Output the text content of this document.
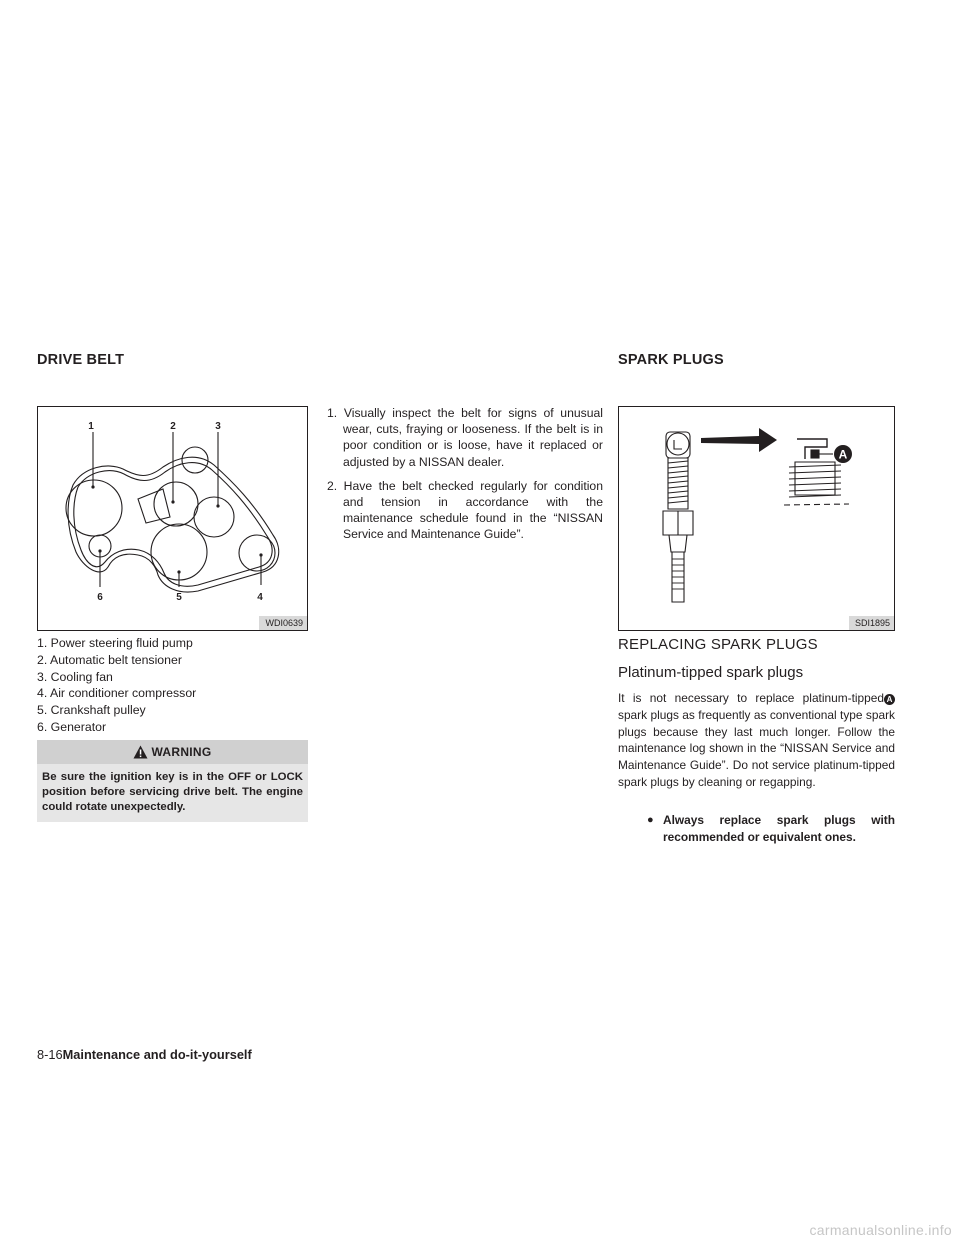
DRIVE BELT	SPARK PLUGS
1	2	3
4
5
6
WDI0639
1. Power steering fluid pump
2. Automatic belt tensioner
3. Cooling fan
4. Air conditioner compressor
5. Crankshaft pulley
6. Generator
WARNING
Be sure the ignition key is in the OFF or LOCK position before servicing drive belt. The engine could rotate unexpectedly.
1. Visually inspect the belt for signs of unusual wear, cuts, fraying or looseness. If the belt is in poor condition or is loose, have it replaced or adjusted by a NISSAN dealer.
2. Have the belt checked regularly for condition and tension in accordance with the maintenance schedule found in the “NISSAN Service and Maintenance Guide”.
A
SDI1895
REPLACING SPARK PLUGS
Platinum-tipped spark plugs

It is not necessary to replace platinum-tipped A spark plugs as frequently as conventional type spark plugs because they last much longer. Follow the maintenance log shown in the “NISSAN Service and Maintenance Guide”. Do not service platinum-tipped spark plugs by cleaning or regapping.

● Always replace spark plugs with recommended or equivalent ones.

8-16Maintenance and do-it-yourself

carmanualsonline.info
